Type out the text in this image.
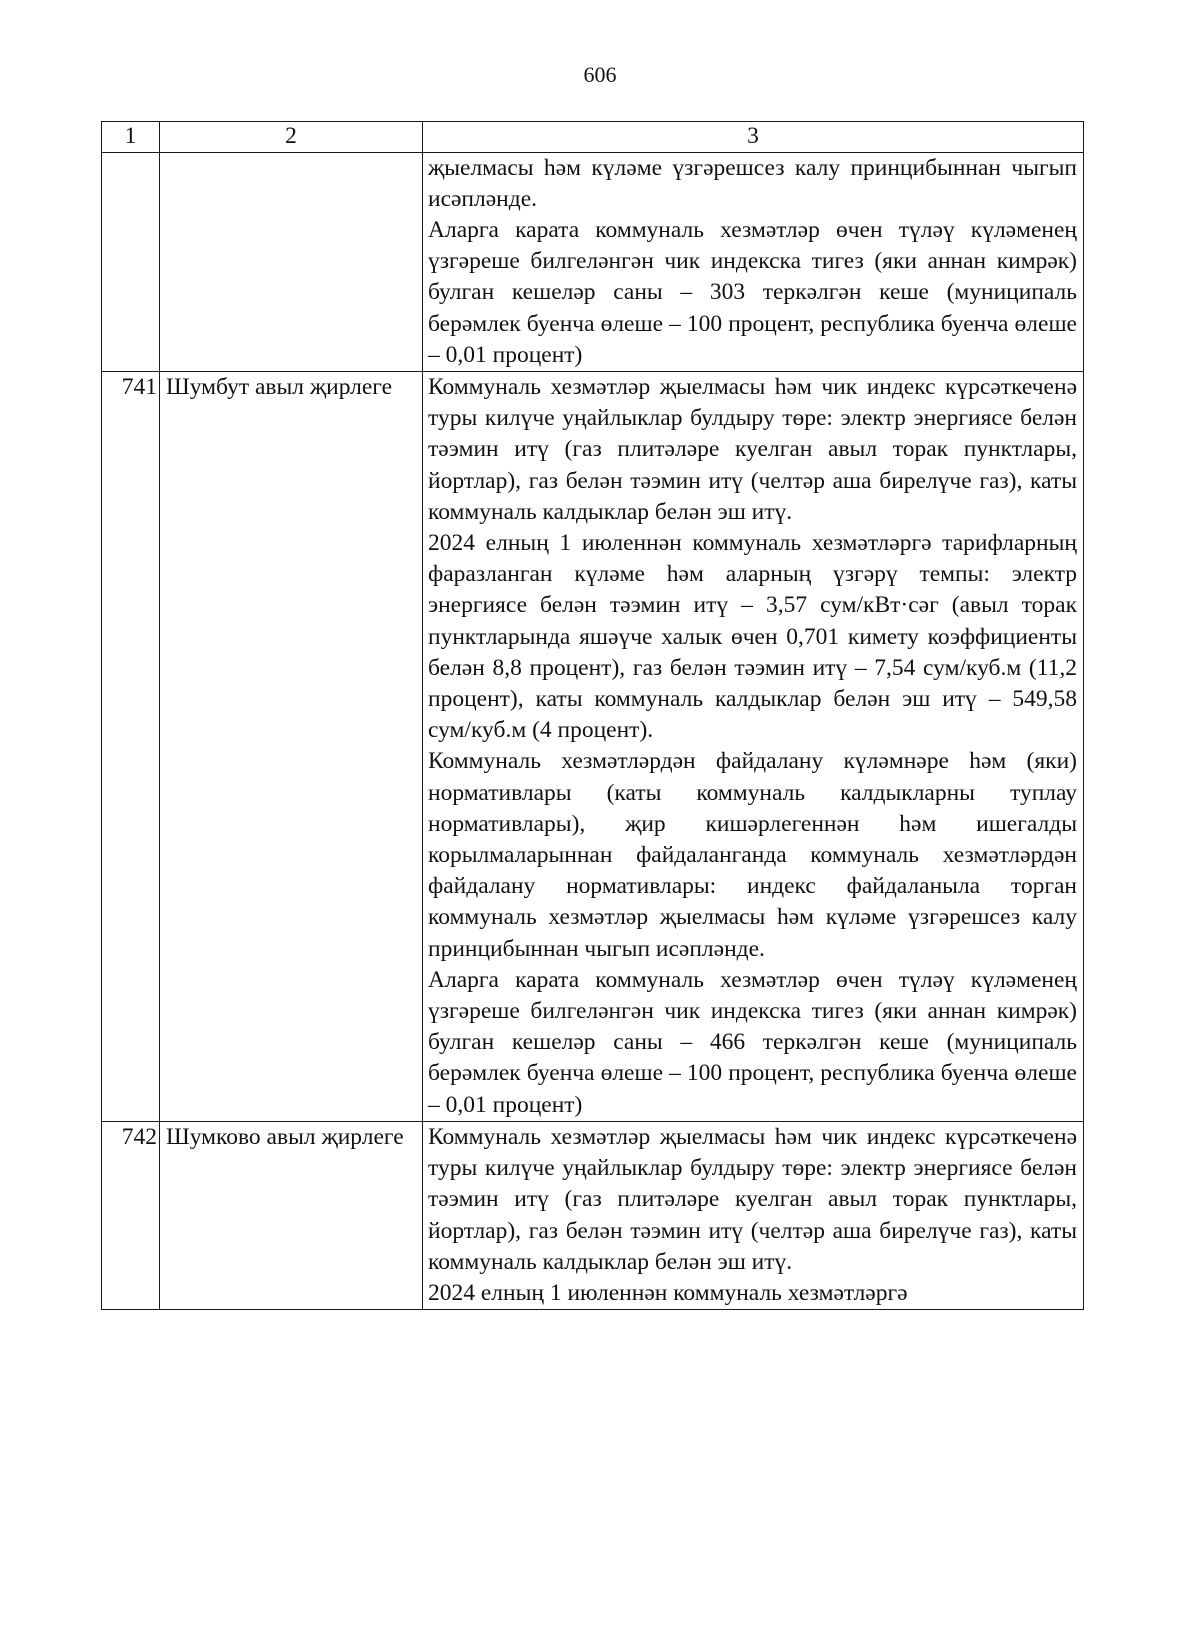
606
1	2	3

		җыелмасы һәм күләме үзгәрешсез калу принцибыннан чыгып исәпләнде.

Аларга карата коммуналь хезмәтләр өчен түләү күләменең үзгәреше билгеләнгән чик индекска тигез (яки аннан кимрәк) булган кешеләр саны – 303 теркәлгән кеше (муниципаль берәмлек буенча өлеше – 100 процент, республика буенча өлеше – 0,01 процент)

741	Шумбут авыл җирлеге	Коммуналь хезмәтләр җыелмасы һәм чик индекс күрсәткеченә туры килүче уңайлыклар булдыру төре: электр энергиясе белән тәэмин итү (газ плитәләре куелган авыл торак пунктлары, йортлар), газ белән тәэмин итү (челтәр аша бирелүче газ), каты коммуналь калдыклар белән эш итү.

2024 елның 1 июленнән коммуналь хезмәтләргә тарифларның фаразланган күләме һәм аларның үзгәрү темпы: электр энергиясе белән тәэмин итү – 3,57 сум/кВт·сәг (авыл торак пунктларында яшәүче халык өчен 0,701 кимету коэффициенты белән 8,8 процент), газ белән тәэмин итү – 7,54 сум/куб.м (11,2 процент), каты коммуналь калдыклар белән эш итү – 549,58 сум/куб.м (4 процент).

Коммуналь хезмәтләрдән файдалану күләмнәре һәм (яки) нормативлары (каты коммуналь калдыкларны туплау нормативлары), җир кишәрлегеннән һәм ишегалды корылмаларыннан файдаланганда коммуналь хезмәтләрдән файдалану нормативлары: индекс файдаланыла торган коммуналь хезмәтләр җыелмасы һәм күләме үзгәрешсез калу принцибыннан чыгып исәпләнде.

Аларга карата коммуналь хезмәтләр өчен түләү күләменең үзгәреше билгеләнгән чик индекска тигез (яки аннан кимрәк) булган кешеләр саны – 466 теркәлгән кеше (муниципаль берәмлек буенча өлеше – 100 процент, республика буенча өлеше – 0,01 процент)

742	Шумково авыл җирлеге	Коммуналь хезмәтләр җыелмасы һәм чик индекс күрсәткеченә туры килүче уңайлыклар булдыру төре: электр энергиясе белән тәэмин итү (газ плитәләре куелган авыл торак пунктлары, йортлар), газ белән тәэмин итү (челтәр аша бирелүче газ), каты коммуналь калдыклар белән эш итү.

2024 елның 1 июленнән коммуналь хезмәтләргә
